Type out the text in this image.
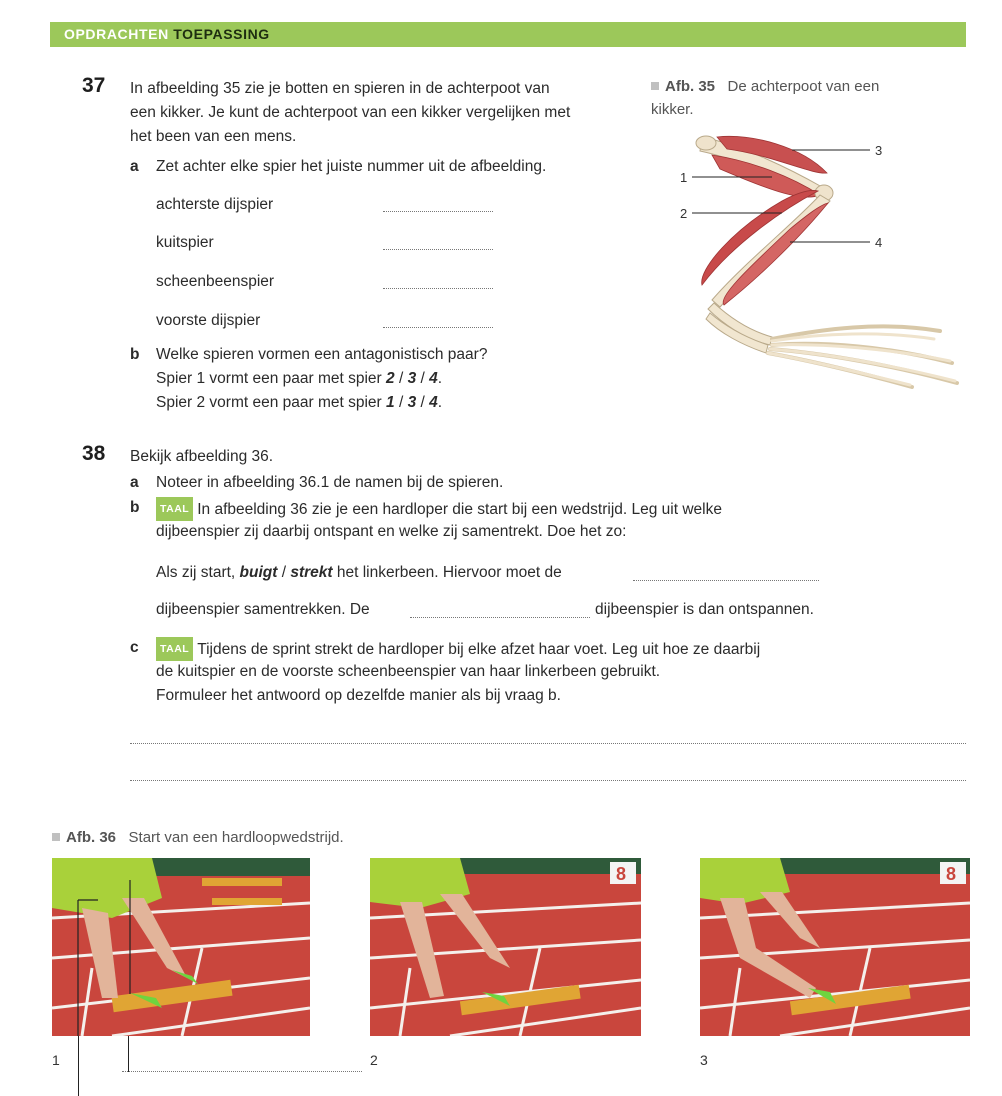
OPDRACHTEN TOEPASSING
37 In afbeelding 35 zie je botten en spieren in de achterpoot van
een kikker. Je kunt de achterpoot van een kikker vergelijken met
het been van een mens.
a Zet achter elke spier het juiste nummer uit de afbeelding.
achterste dijspier
kuitspier
scheenbeenspier
voorste dijspier
b Welke spieren vormen een antagonistisch paar?
Spier 1 vormt een paar met spier 2 / 3 / 4.
Spier 2 vormt een paar met spier 1 / 3 / 4.
Afb. 35 De achterpoot van een
kikker.
1
2
3
4
38 Bekijk afbeelding 36.
a Noteer in afbeelding 36.1 de namen bij de spieren.
b	TAAL In afbeelding 36 zie je een hardloper die start bij een wedstrijd. Leg uit welke
dijbeenspier zij daarbij ontspant en welke zij samentrekt. Doe het zo:
Als zij start, buigt / strekt het linkerbeen. Hiervoor moet de
dijbeenspier samentrekken. De	dijbeenspier is dan ontspannen.
c	TAAL Tijdens de sprint strekt de hardloper bij elke afzet haar voet. Leg uit hoe ze daarbij
de kuitspier en de voorste scheenbeenspier van haar linkerbeen gebruikt.
Formuleer het antwoord op dezelfde manier als bij vraag b.
Afb. 36 Start van een hardloopwedstrijd.
8	8
1	2	3
